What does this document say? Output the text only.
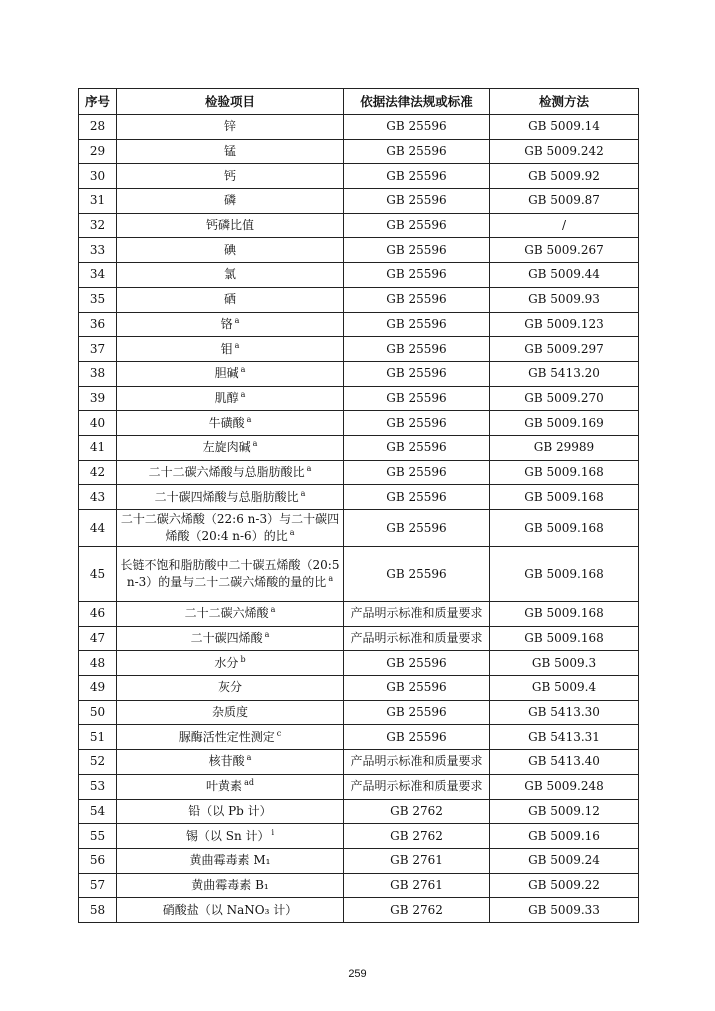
序号	检验项目	依据法律法规或标准	检测方法
28	锌	GB 25596	GB 5009.14
29	锰	GB 25596	GB 5009.242
30	钙	GB 25596	GB 5009.92
31	磷	GB 25596	GB 5009.87
32	钙磷比值	GB 25596	/
33	碘	GB 25596	GB 5009.267
34	氯	GB 25596	GB 5009.44
35	硒	GB 25596	GB 5009.93
36	铬 $^a$	GB 25596	GB 5009.123
37	钼 $^a$	GB 25596	GB 5009.297
38	胆碱 $^a$	GB 25596	GB 5413.20
39	肌醇 $^a$	GB 25596	GB 5009.270
40	牛磺酸 $^a$	GB 25596	GB 5009.169
41	左旋肉碱 $^a$	GB 25596	GB 29989
42	二十二碳六烯酸与总脂肪酸比 $^a$	GB 25596	GB 5009.168
43	二十碳四烯酸与总脂肪酸比 $^a$	GB 25596	GB 5009.168
44	二十二碳六烯酸（22:6 n-3）与二十碳四烯酸（20:4 n-6）的比 $^a$	GB 25596	GB 5009.168
45	长链不饱和脂肪酸中二十碳五烯酸（20:5 n-3）的量与二十二碳六烯酸的量的比 $^a$	GB 25596	GB 5009.168
46	二十二碳六烯酸 $^a$	产品明示标准和质量要求	GB 5009.168
47	二十碳四烯酸 $^a$	产品明示标准和质量要求	GB 5009.168
48	水分 $^b$	GB 25596	GB 5009.3
49	灰分	GB 25596	GB 5009.4
50	杂质度	GB 25596	GB 5413.30
51	脲酶活性定性测定 $^c$	GB 25596	GB 5413.31
52	核苷酸 $^a$	产品明示标准和质量要求	GB 5413.40
53	叶黄素 $^{ad}$	产品明示标准和质量要求	GB 5009.248
54	铅（以 Pb 计）	GB 2762	GB 5009.12
55	锡（以 Sn 计） $^i$	GB 2762	GB 5009.16
56	黄曲霉毒素 M₁	GB 2761	GB 5009.24
57	黄曲霉毒素 B₁	GB 2761	GB 5009.22
58	硝酸盐（以 NaNO₃ 计）	GB 2762	GB 5009.33
259
